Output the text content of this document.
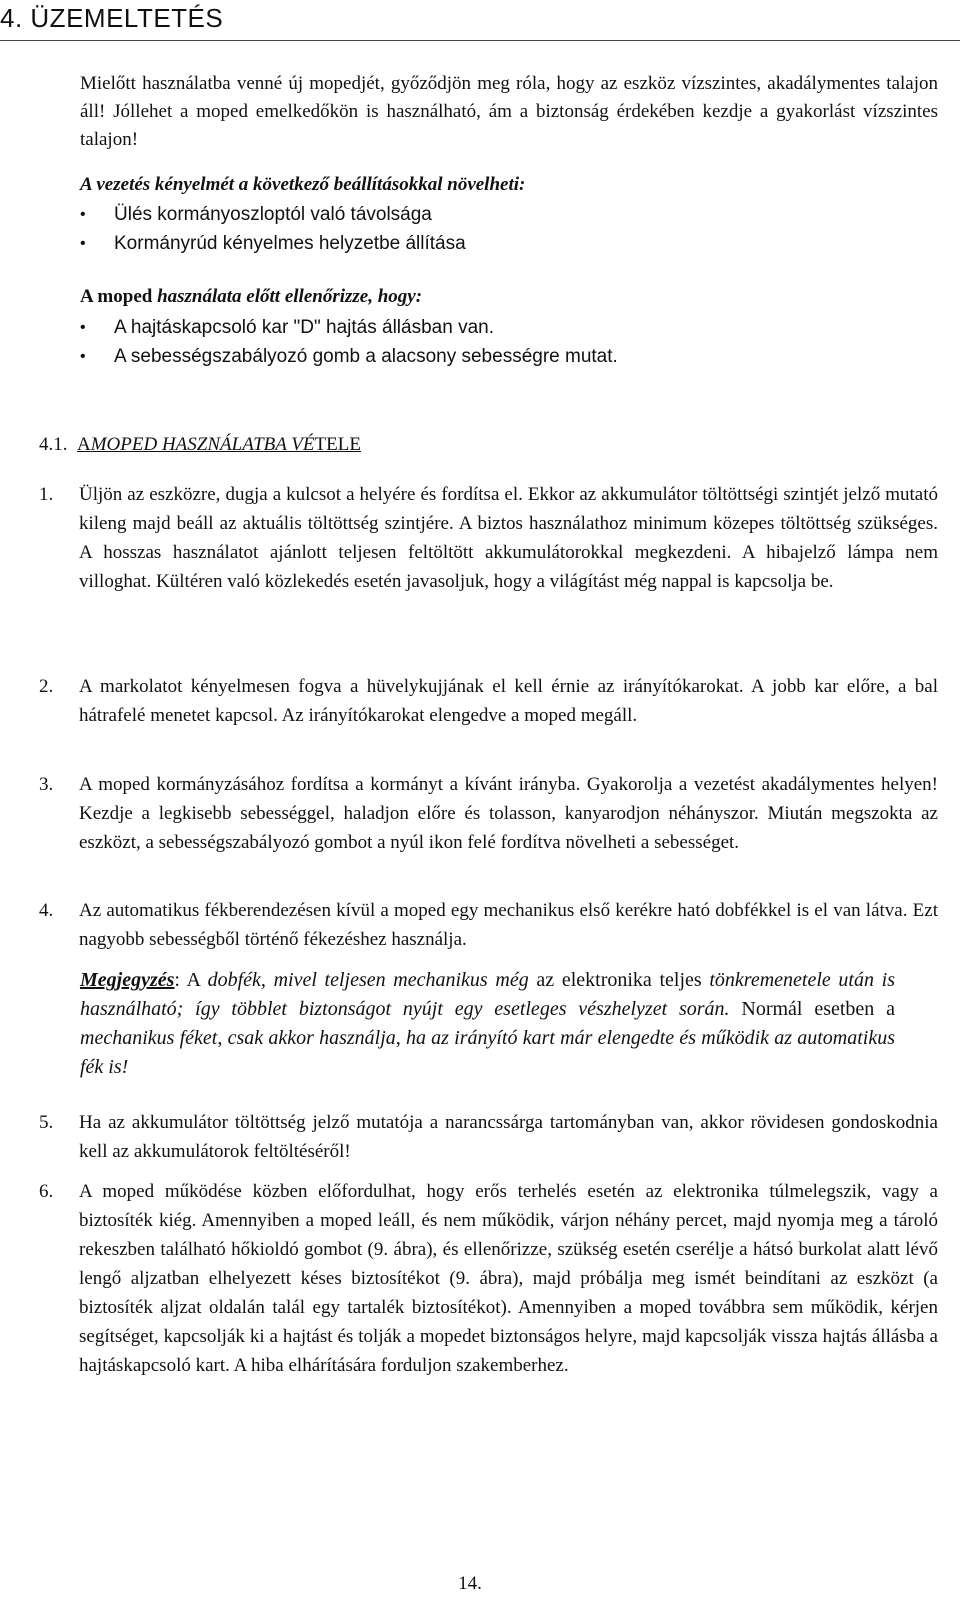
4. ÜZEMELTETÉS

Mielőtt használatba venné új mopedjét, győződjön meg róla, hogy az eszköz vízszintes, akadálymentes talajon áll! Jóllehet a moped emelkedőkön is használható, ám a biztonság érdekében kezdje a gyakorlást vízszintes talajon!

A vezetés kényelmét a következő beállításokkal növelheti:

• Ülés kormányoszloptól való távolsága
• Kormányrúd kényelmes helyzetbe állítása

A moped használata előtt ellenőrizze, hogy:

• A hajtáskapcsoló kar "D" hajtás állásban van.
• A sebességszabályozó gomb a alacsony sebességre mutat.
4.1. AMOPED HASZNÁLATBA VÉTELE
1. Üljön az eszközre, dugja a kulcsot a helyére és fordítsa el. Ekkor az akkumulátor töltöttségi szintjét jelző mutató kileng majd beáll az aktuális töltöttség szintjére. A biztos használathoz minimum közepes töltöttség szükséges. A hosszas használatot ajánlott teljesen feltöltött akkumulátorokkal megkezdeni. A hibajelző lámpa nem villoghat. Kültéren való közlekedés esetén javasoljuk, hogy a világítást még nappal is kapcsolja be.
2. A markolatot kényelmesen fogva a hüvelykujjának el kell érnie az irányítókarokat. A jobb kar előre, a bal hátrafelé menetet kapcsol. Az irányítókarokat elengedve a moped megáll.
3. A moped kormányzásához fordítsa a kormányt a kívánt irányba. Gyakorolja a vezetést akadálymentes helyen! Kezdje a legkisebb sebességgel, haladjon előre és tolasson, kanyarodjon néhányszor. Miután megszokta az eszközt, a sebességszabályozó gombot a nyúl ikon felé fordítva növelheti a sebességet.
4. Az automatikus fékberendezésen kívül a moped egy mechanikus első kerékre ható dobfékkel is el van látva. Ezt nagyobb sebességből történő fékezéshez használja.
Megjegyzés: A dobfék, mivel teljesen mechanikus még az elektronika teljes tönkremenetele után is használható; így többlet biztonságot nyújt egy esetleges vészhelyzet során. Normál esetben a mechanikus féket, csak akkor használja, ha az irányító kart már elengedte és működik az automatikus fék is!
5. Ha az akkumulátor töltöttség jelző mutatója a narancssárga tartományban van, akkor rövidesen gondoskodnia kell az akkumulátorok feltöltéséről!
6. A moped működése közben előfordulhat, hogy erős terhelés esetén az elektronika túlmelegszik, vagy a biztosíték kiég. Amennyiben a moped leáll, és nem működik, várjon néhány percet, majd nyomja meg a tároló rekeszben található hőkioldó gombot (9. ábra), és ellenőrizze, szükség esetén cserélje a hátsó burkolat alatt lévő lengő aljzatban elhelyezett késes biztosítékot (9. ábra), majd próbálja meg ismét beindítani az eszközt (a biztosíték aljzat oldalán talál egy tartalék biztosítékot). Amennyiben a moped továbbra sem működik, kérjen segítséget, kapcsolják ki a hajtást és tolják a mopedet biztonságos helyre, majd kapcsolják vissza hajtás állásba a hajtáskapcsoló kart. A hiba elhárítására forduljon szakemberhez.
14.
